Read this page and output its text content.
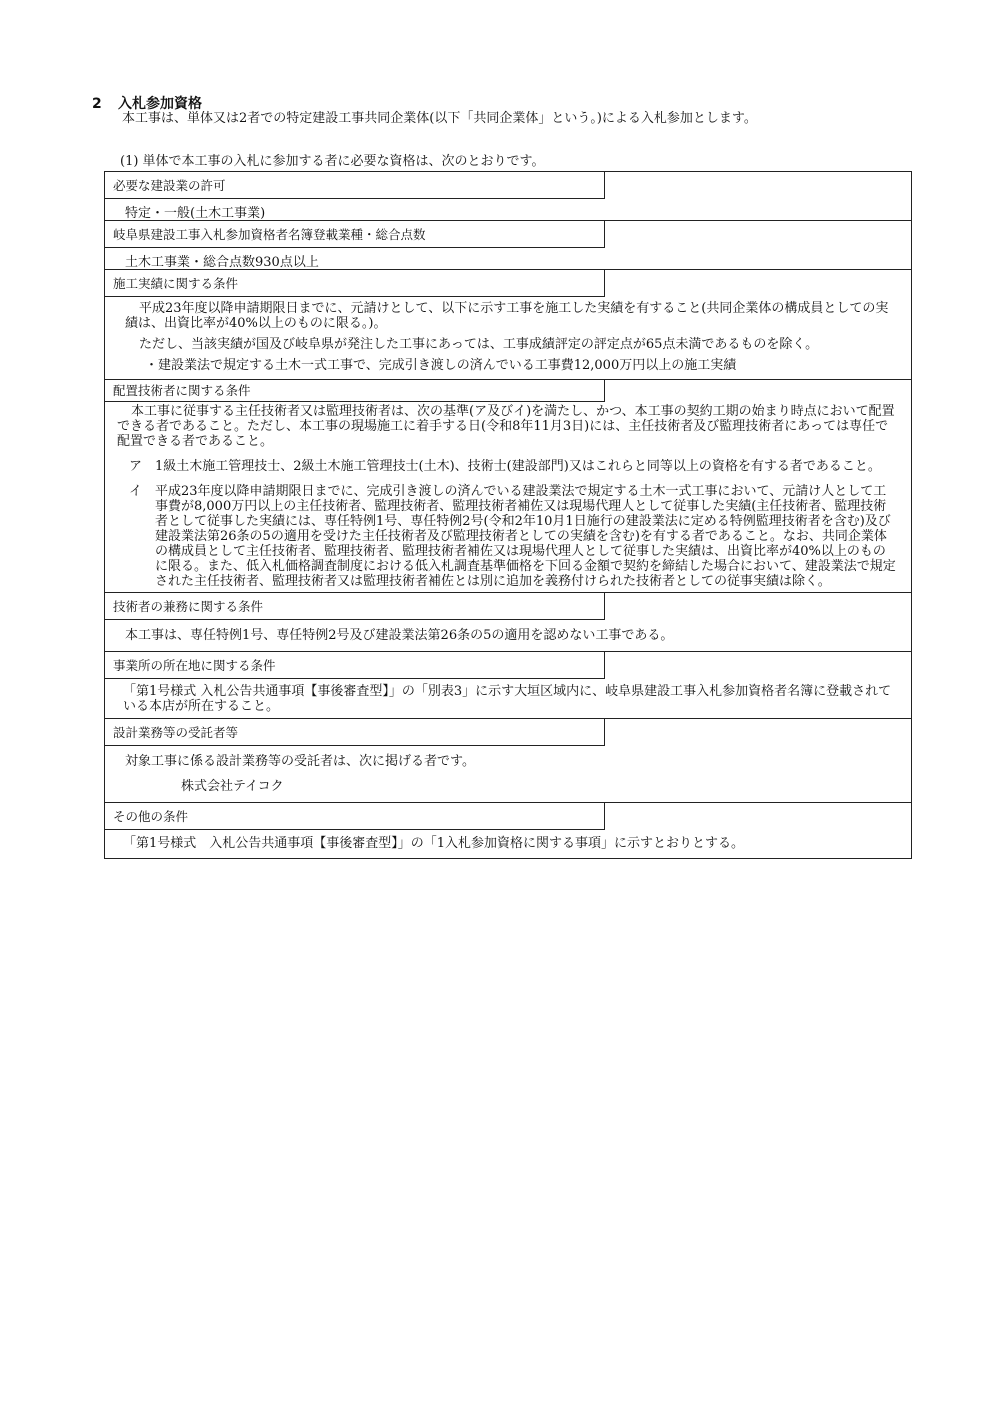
2 入札参加資格
本工事は、単体又は2者での特定建設工事共同企業体(以下「共同企業体」という。)による入札参加とします。
(1) 単体で本工事の入札に参加する者に必要な資格は、次のとおりです。
必要な建設業の許可
特定・一般(土木工事業)
岐阜県建設工事入札参加資格者名簿登載業種・総合点数
土木工事業・総合点数930点以上
施工実績に関する条件

平成23年度以降申請期限日までに、元請けとして、以下に示す工事を施工した実績を有すること(共同企業体の構成員としての実績は、出資比率が40%以上のものに限る。)。

ただし、当該実績が国及び岐阜県が発注した工事にあっては、工事成績評定の評定点が65点未満であるものを除く。

・建設業法で規定する土木一式工事で、完成引き渡しの済んでいる工事費12,000万円以上の施工実績

配置技術者に関する条件

本工事に従事する主任技術者又は監理技術者は、次の基準(ア及びイ)を満たし、かつ、本工事の契約工期の始まり時点において配置できる者であること。ただし、本工事の現場施工に着手する日(令和8年11月3日)には、主任技術者及び監理技術者にあっては専任で配置できる者であること。

ア 1級土木施工管理技士、2級土木施工管理技士(土木)、技術士(建設部門)又はこれらと同等以上の資格を有する者であること。

イ 平成23年度以降申請期限日までに、完成引き渡しの済んでいる建設業法で規定する土木一式工事において、元請け人として工事費が8,000万円以上の主任技術者、監理技術者、監理技術者補佐又は現場代理人として従事した実績(主任技術者、監理技術者として従事した実績には、専任特例1号、専任特例2号(令和2年10月1日施行の建設業法に定める特例監理技術者を含む)及び建設業法第26条の5の適用を受けた主任技術者及び監理技術者としての実績を含む)を有する者であること。なお、共同企業体の構成員として主任技術者、監理技術者、監理技術者補佐又は現場代理人として従事した実績は、出資比率が40%以上のものに限る。また、低入札価格調査制度における低入札調査基準価格を下回る金額で契約を締結した場合において、建設業法で規定された主任技術者、監理技術者又は監理技術者補佐とは別に追加を義務付けられた技術者としての従事実績は除く。

技術者の兼務に関する条件
本工事は、専任特例1号、専任特例2号及び建設業法第26条の5の適用を認めない工事である。
事業所の所在地に関する条件
「第1号様式 入札公告共通事項【事後審査型】」の「別表3」に示す大垣区域内に、岐阜県建設工事入札参加資格者名簿に登載されている本店が所在すること。
設計業務等の受託者等

対象工事に係る設計業務等の受託者は、次に掲げる者です。

株式会社テイコク

その他の条件
「第1号様式　入札公告共通事項【事後審査型】」の「1入札参加資格に関する事項」に示すとおりとする。
